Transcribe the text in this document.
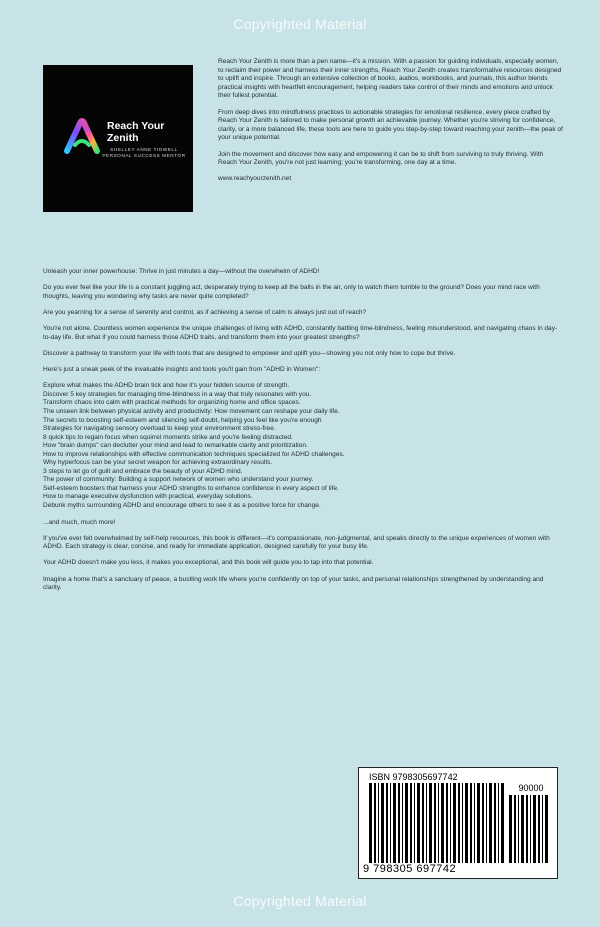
Copyrighted Material
Reach Your Zenith
SHELLEY ANNE TIDWELL PERSONAL SUCCESS MENTOR

Reach Your Zenith is more than a pen name—it's a mission. With a passion for guiding individuals, especially women, to reclaim their power and harness their inner strengths, Reach Your Zenith creates transformative resources designed to uplift and inspire. Through an extensive collection of books, audios, workbooks, and journals, this author blends practical insights with heartfelt encouragement, helping readers take control of their minds and emotions and unlock their fullest potential.

From deep dives into mindfulness practices to actionable strategies for emotional resilience, every piece crafted by Reach Your Zenith is tailored to make personal growth an achievable journey. Whether you're striving for confidence, clarity, or a more balanced life, these tools are here to guide you step-by-step toward reaching your zenith—the peak of your unique potential.

Join the movement and discover how easy and empowering it can be to shift from surviving to truly thriving. With Reach Your Zenith, you're not just learning; you're transforming, one day at a time.

www.reachyourzenith.net

Unleash your inner powerhouse: Thrive in just minutes a day—without the overwhelm of ADHD!

Do you ever feel like your life is a constant juggling act, desperately trying to keep all the balls in the air, only to watch them tumble to the ground? Does your mind race with thoughts, leaving you wondering why tasks are never quite completed?

Are you yearning for a sense of serenity and control, as if achieving a sense of calm is always just out of reach?

You're not alone. Countless women experience the unique challenges of living with ADHD, constantly battling time-blindness, feeling misunderstood, and navigating chaos in day-to-day life. But what if you could harness those ADHD traits, and transform them into your greatest strengths?

Discover a pathway to transform your life with tools that are designed to empower and uplift you—showing you not only how to cope but thrive.

Here's just a sneak peek of the invaluable insights and tools you'll gain from "ADHD in Women":

Explore what makes the ADHD brain tick and how it's your hidden source of strength.
Discover 5 key strategies for managing time-blindness in a way that truly resonates with you.
Transform chaos into calm with practical methods for organizing home and office spaces.
The unseen link between physical activity and productivity: How movement can reshape your daily life.
The secrets to boosting self-esteem and silencing self-doubt, helping you feel like you're enough
Strategies for navigating sensory overload to keep your environment stress-free.
8 quick tips to regain focus when squirrel moments strike and you're feeling distracted.
How "brain dumps" can declutter your mind and lead to remarkable clarity and prioritization.
How to improve relationships with effective communication techniques specialized for ADHD challenges.
Why hyperfocus can be your secret weapon for achieving extraordinary results.
3 steps to let go of guilt and embrace the beauty of your ADHD mind.
The power of community: Building a support network of women who understand your journey.
Self-esteem boosters that harness your ADHD strengths to enhance confidence in every aspect of life.
How to manage executive dysfunction with practical, everyday solutions.
Debunk myths surrounding ADHD and encourage others to see it as a positive force for change.

...and much, much more!

If you've ever felt overwhelmed by self-help resources, this book is different—it's compassionate, non-judgmental, and speaks directly to the unique experiences of women with ADHD. Each strategy is clear, concise, and ready for immediate application, designed carefully for your busy life.

Your ADHD doesn't make you less, it makes you exceptional, and this book will guide you to tap into that potential.

Imagine a home that's a sanctuary of peace, a bustling work life where you're confidently on top of your tasks, and personal relationships strengthened by understanding and clarity.

ISBN 9798305697742
90000
9 798305 697742
Copyrighted Material
